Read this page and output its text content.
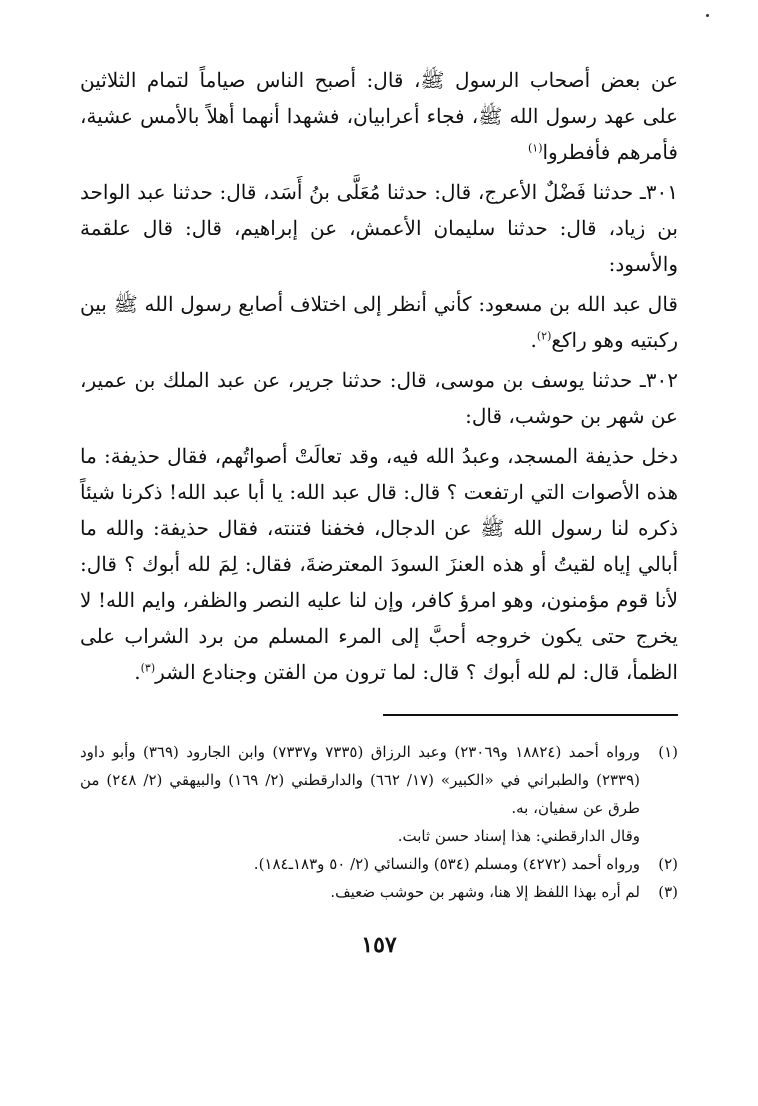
عن بعض أصحاب الرسول ﷺ، قال: أصبح الناس صياماً لتمام الثلاثين على عهد رسول الله ﷺ، فجاء أعرابيان، فشهدا أنهما أهلاً بالأمس عشية، فأمرهم فأفطروا$^{(١)}$

٣٠١ـ حدثنا فَضْلٌ الأعرج، قال: حدثنا مُعَلَّى بنُ أَسَد، قال: حدثنا عبد الواحد بن زياد، قال: حدثنا سليمان الأعمش، عن إبراهيم، قال: قال علقمة والأسود:

قال عبد الله بن مسعود: كأني أنظر إلى اختلاف أصابع رسول الله ﷺ بين ركبتيه وهو راكع$^{(٢)}$.

٣٠٢ـ حدثنا يوسف بن موسى، قال: حدثنا جرير، عن عبد الملك بن عمير، عن شهر بن حوشب، قال:

دخل حذيفة المسجد، وعبدُ الله فيه، وقد تعالَتْ أصواتُهم، فقال حذيفة: ما هذه الأصوات التي ارتفعت ؟ قال: قال عبد الله: يا أبا عبد الله! ذكرنا شيئاً ذكره لنا رسول الله ﷺ عن الدجال، فخفنا فتنته، فقال حذيفة: والله ما أبالي إياه لقيتُ أو هذه العنزَ السودَ المعترضةَ، فقال: لِمَ لله أبوك ؟ قال: لأنا قوم مؤمنون، وهو امرؤ كافر، وإن لنا عليه النصر والظفر، وايم الله! لا يخرج حتى يكون خروجه أحبَّ إلى المرء المسلم من برد الشراب على الظمأ، قال: لم لله أبوك ؟ قال: لما ترون من الفتن وجنادع الشر$^{(٣)}$.

(١)
ورواه أحمد (١٨٨٢٤ و٢٣٠٦٩) وعبد الرزاق (٧٣٣٥ و٧٣٣٧) وابن الجارود (٣٦٩) وأبو داود (٢٣٣٩) والطبراني في «الكبير» (١٧/ ٦٦٢) والدارقطني (٢/ ١٦٩) والبيهقي (٢/ ٢٤٨) من طرق عن سفيان، به.
وقال الدارقطني: هذا إسناد حسن ثابت.
(٢)
ورواه أحمد (٤٢٧٢) ومسلم (٥٣٤) والنسائي (٢/ ٥٠ و١٨٣ـ١٨٤).
(٣)
لم أره بهذا اللفظ إلا هنا، وشهر بن حوشب ضعيف.
١٥٧
